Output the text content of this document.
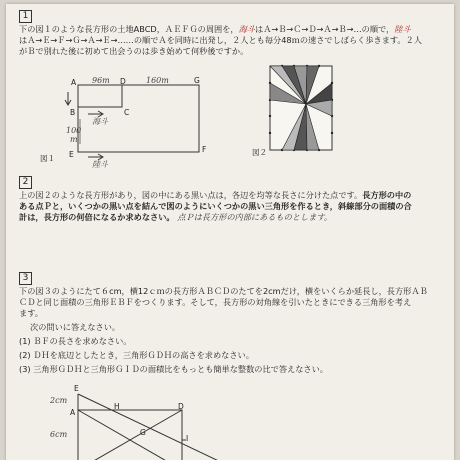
1
下の図１のような長方形の土地ABCD，ＡＥＦＧの周囲を，海斗はＡ→Ｂ→Ｃ→Ｄ→Ａ→Ｂ→…の順で，陸斗
はＡ→Ｅ→Ｆ→Ｇ→Ａ→Ｅ→……の順でＡを同時に出発し，２人とも毎分48ｍの速さでしばらく歩きます。２人
がＢで別れた後に初めて出会うのは歩き始めて何秒後ですか。
A	D	G
B	C
E
F
96m	160m
100
m
海斗
陸斗
図１
図２
2
上の図２のような長方形があり，図の中にある黒い点は，各辺を均等な長さに分けた点です。長方形の中の
ある点Ｐと，いくつかの黒い点を結んで図のようにいくつかの黒い三角形を作るとき，斜線部分の面積の合
計は，長方形の何倍になるか求めなさい。 点Ｐは長方形の内部にあるものとします。
3
下の図３のようにたて６cm，横12ｃｍの長方形ＡＢＣＤのたてを2cmだけ，横をいくらか延長し，長方形ＡＢ
ＣＤと同じ面積の三角形ＥＢＦをつくります。そして，長方形の対角線を引いたときにできる三角形を考え
ます。
次の問いに答えなさい。
(1) ＢＦの長さを求めなさい。
(2) ＤＨを底辺としたとき，三角形ＧＤＨの高さを求めなさい。
(3) 三角形ＧＤＨと三角形ＧＩＤの面積比をもっとも簡単な整数の比で答えなさい。
E
A
H	D
G
I
2cm
6cm
